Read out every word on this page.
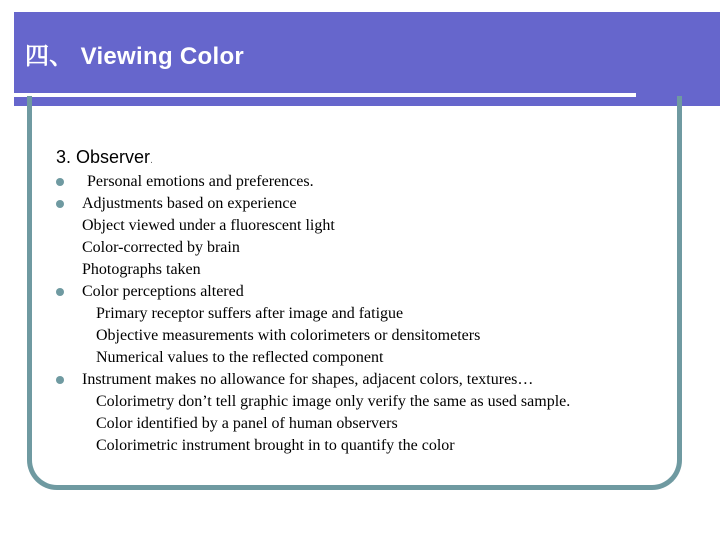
四、 Viewing Color
3. Observer.
Personal emotions and preferences.
Adjustments based on experience
Object viewed under a fluorescent light
Color-corrected by brain
Photographs taken
Color perceptions altered
Primary receptor suffers after image and fatigue
Objective measurements with colorimeters or densitometers
Numerical values to the reflected component
Instrument makes no allowance for shapes, adjacent colors, textures…
Colorimetry don’t tell graphic image only verify the same as used sample.
Color identified by a panel of human observers
Colorimetric instrument brought in to quantify the color
